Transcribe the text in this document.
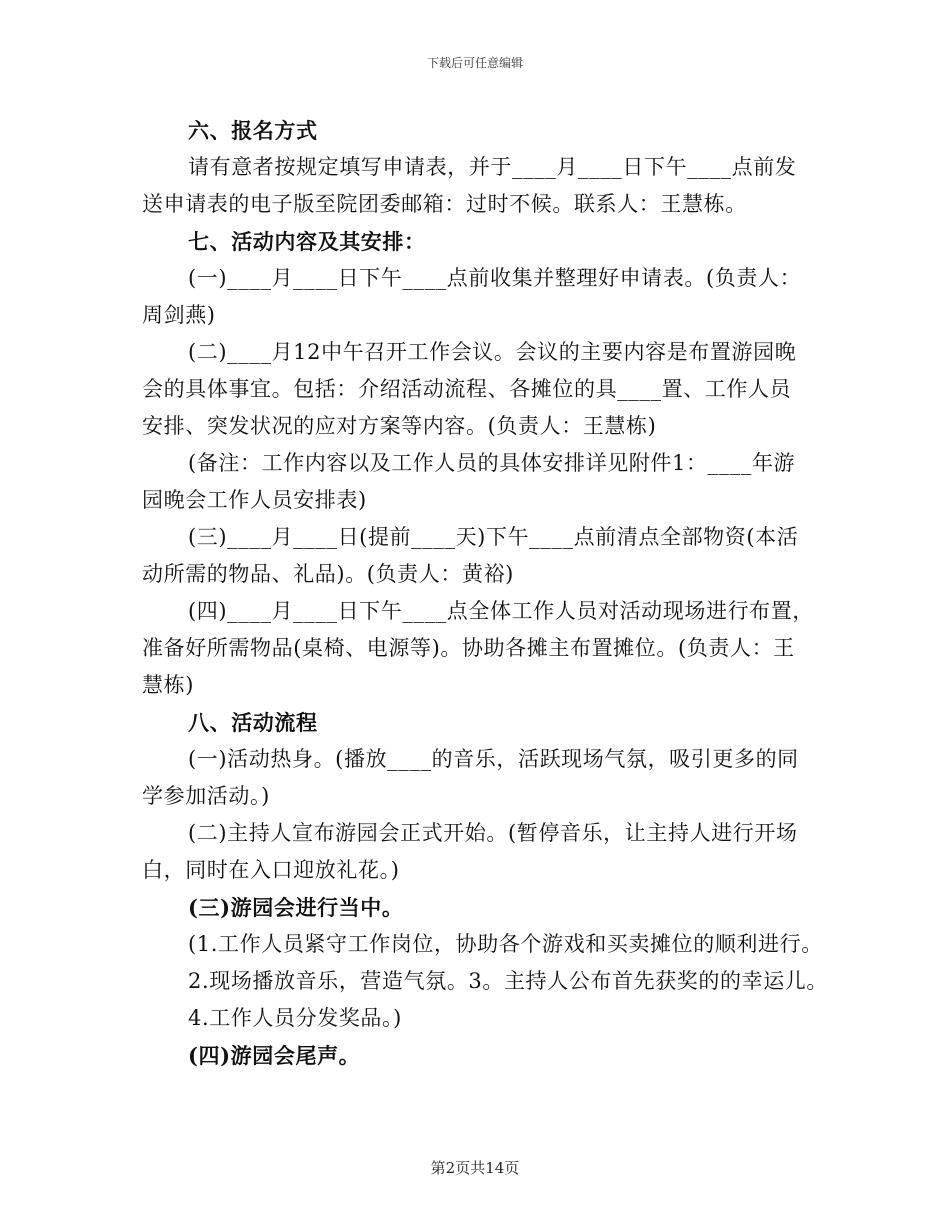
下载后可任意编辑
六、报名方式
请有意者按规定填写申请表，并于____月____日下午____点前发
送申请表的电子版至院团委邮箱：过时不候。联系人：王慧栋。
七、活动内容及其安排：
(一)____月____日下午____点前收集并整理好申请表。(负责人：
周剑燕)
(二)____月12中午召开工作会议。会议的主要内容是布置游园晚
会的具体事宜。包括：介绍活动流程、各摊位的具____置、工作人员
安排、突发状况的应对方案等内容。(负责人：王慧栋)
(备注：工作内容以及工作人员的具体安排详见附件1：____年游
园晚会工作人员安排表)
(三)____月____日(提前____天)下午____点前清点全部物资(本活
动所需的物品、礼品)。(负责人：黄裕)
(四)____月____日下午____点全体工作人员对活动现场进行布置，
准备好所需物品(桌椅、电源等)。协助各摊主布置摊位。(负责人：王
慧栋)
八、活动流程
(一)活动热身。(播放____的音乐，活跃现场气氛，吸引更多的同
学参加活动。)
(二)主持人宣布游园会正式开始。(暂停音乐，让主持人进行开场
白，同时在入口迎放礼花。)
(三)游园会进行当中。
(1.工作人员紧守工作岗位，协助各个游戏和买卖摊位的顺利进行。
2.现场播放音乐，营造气氛。3。主持人公布首先获奖的的幸运儿。
4.工作人员分发奖品。)
(四)游园会尾声。
第2页共14页
